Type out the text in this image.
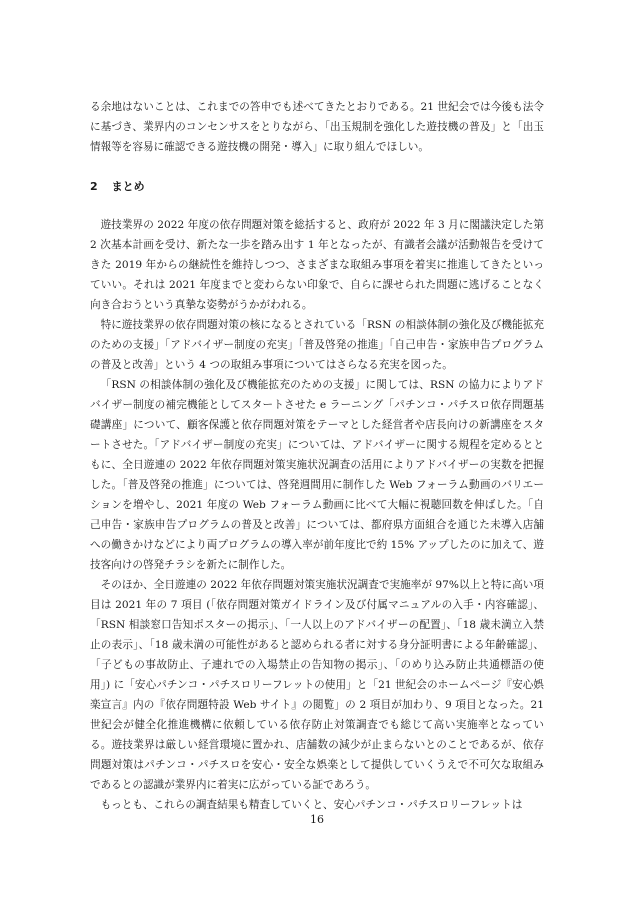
る余地はないことは、これまでの答申でも述べてきたとおりである。21 世紀会では今後も法令に基づき、業界内のコンセンサスをとりながら、「出玉規制を強化した遊技機の普及」と「出玉情報等を容易に確認できる遊技機の開発・導入」に取り組んでほしい。

2 まとめ

遊技業界の 2022 年度の依存問題対策を総括すると、政府が 2022 年 3 月に閣議決定した第 2 次基本計画を受け、新たな一歩を踏み出す 1 年となったが、有識者会議が活動報告を受けてきた 2019 年からの継続性を維持しつつ、さまざまな取組み事項を着実に推進してきたといっていい。それは 2021 年度までと変わらない印象で、自らに課せられた問題に逃げることなく向き合おうという真摯な姿勢がうかがわれる。

特に遊技業界の依存問題対策の核になるとされている「RSN の相談体制の強化及び機能拡充のための支援」「アドバイザー制度の充実」「普及啓発の推進」「自己申告・家族申告プログラムの普及と改善」という 4 つの取組み事項についてはさらなる充実を図った。

「RSN の相談体制の強化及び機能拡充のための支援」に関しては、RSN の協力によりアドバイザー制度の補完機能としてスタートさせた e ラーニング「パチンコ・パチスロ依存問題基礎講座」について、顧客保護と依存問題対策をテーマとした経営者や店長向けの新講座をスタートさせた。「アドバイザー制度の充実」については、アドバイザーに関する規程を定めるとともに、全日遊連の 2022 年依存問題対策実施状況調査の活用によりアドバイザーの実数を把握した。「普及啓発の推進」については、啓発週間用に制作した Web フォーラム動画のバリエーションを増やし、2021 年度の Web フォーラム動画に比べて大幅に視聴回数を伸ばした。「自己申告・家族申告プログラムの普及と改善」については、都府県方面組合を通じた未導入店舗への働きかけなどにより両プログラムの導入率が前年度比で約 15% アップしたのに加えて、遊技客向けの啓発チラシを新たに制作した。

そのほか、全日遊連の 2022 年依存問題対策実施状況調査で実施率が 97%以上と特に高い項目は 2021 年の 7 項目 (「依存問題対策ガイドライン及び付属マニュアルの入手・内容確認」、「RSN 相談窓口告知ポスターの掲示」、「一人以上のアドバイザーの配置」、「18 歳未満立入禁止の表示」、「18 歳未満の可能性があると認められる者に対する身分証明書による年齢確認」、「子どもの事故防止、子連れでの入場禁止の告知物の掲示」、「のめり込み防止共通標語の使用」) に「安心パチンコ・パチスロリーフレットの使用」と「21 世紀会のホームページ『安心娯楽宣言』内の『依存問題特設 Web サイト』の閲覧」の 2 項目が加わり、9 項目となった。21 世紀会が健全化推進機構に依頼している依存防止対策調査でも総じて高い実施率となっている。遊技業界は厳しい経営環境に置かれ、店舗数の減少が止まらないとのことであるが、依存問題対策はパチンコ・パチスロを安心・安全な娯楽として提供していくうえで不可欠な取組みであるとの認識が業界内に着実に広がっている証であろう。

もっとも、これらの調査結果も精査していくと、安心パチンコ・パチスロリーフレットは

16
